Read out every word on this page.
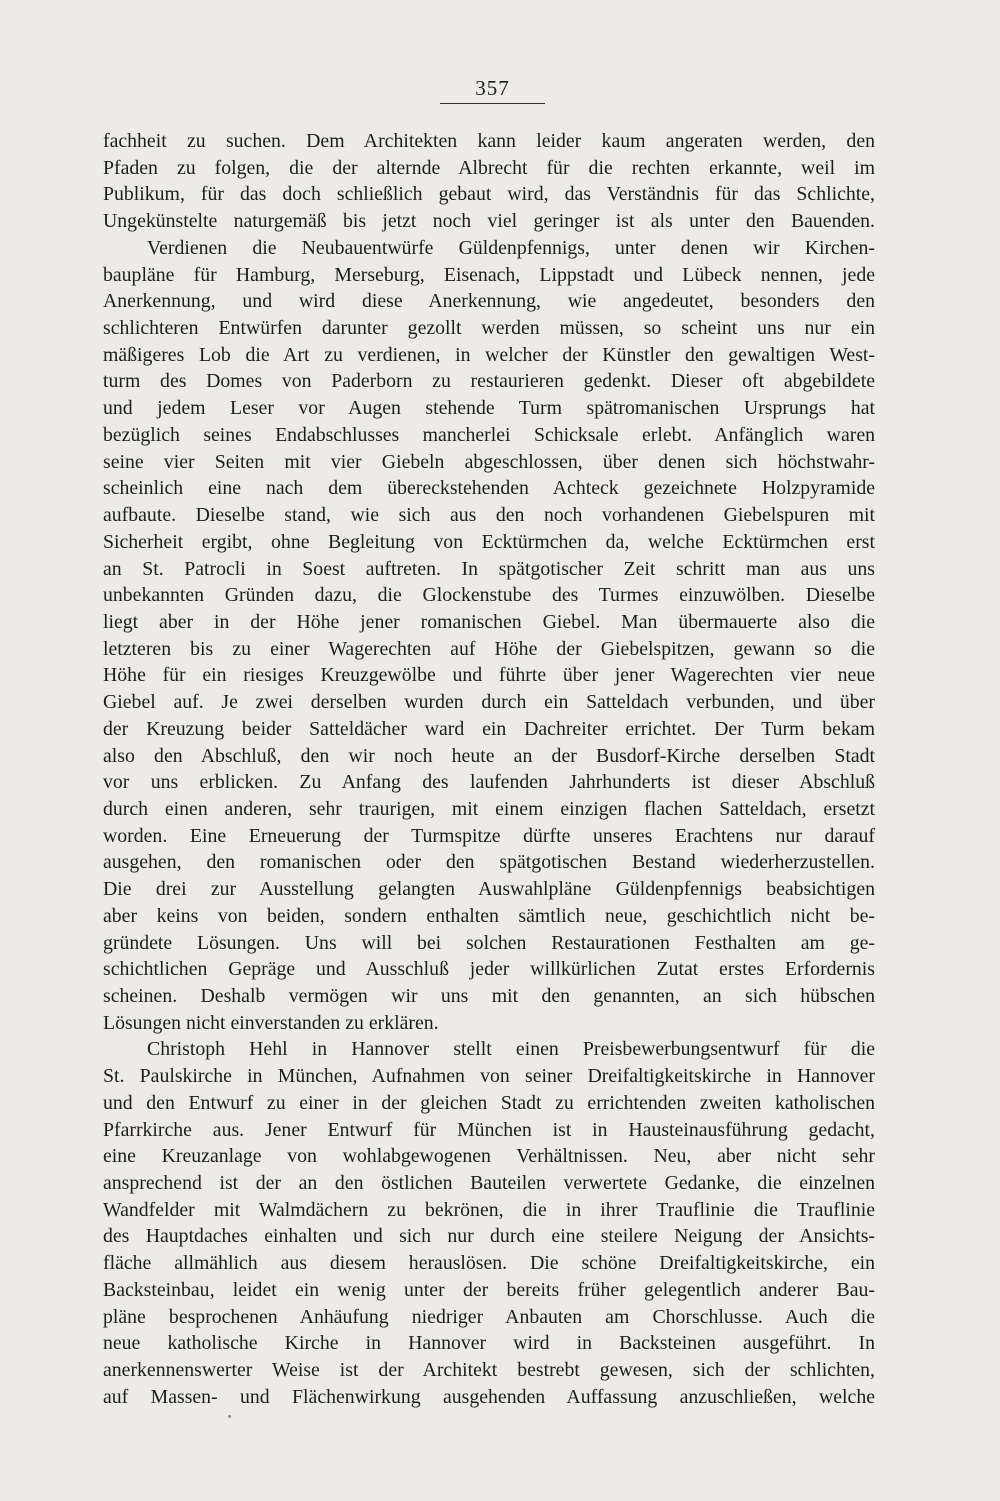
357
fachheit zu suchen. Dem Architekten kann leider kaum angeraten werden, den
Pfaden zu folgen, die der alternde Albrecht für die rechten erkannte, weil im
Publikum, für das doch schließlich gebaut wird, das Verständnis für das Schlichte,
Ungekünstelte naturgemäß bis jetzt noch viel geringer ist als unter den Bauenden.
Verdienen die Neubauentwürfe Güldenpfennigs, unter denen wir Kirchen-
baupläne für Hamburg, Merseburg, Eisenach, Lippstadt und Lübeck nennen, jede
Anerkennung, und wird diese Anerkennung, wie angedeutet, besonders den
schlichteren Entwürfen darunter gezollt werden müssen, so scheint uns nur ein
mäßigeres Lob die Art zu verdienen, in welcher der Künstler den gewaltigen West-
turm des Domes von Paderborn zu restaurieren gedenkt. Dieser oft abgebildete
und jedem Leser vor Augen stehende Turm spätromanischen Ursprungs hat
bezüglich seines Endabschlusses mancherlei Schicksale erlebt. Anfänglich waren
seine vier Seiten mit vier Giebeln abgeschlossen, über denen sich höchstwahr-
scheinlich eine nach dem übereckstehenden Achteck gezeichnete Holzpyramide
aufbaute. Dieselbe stand, wie sich aus den noch vorhandenen Giebelspuren mit
Sicherheit ergibt, ohne Begleitung von Ecktürmchen da, welche Ecktürmchen erst
an St. Patrocli in Soest auftreten. In spätgotischer Zeit schritt man aus uns
unbekannten Gründen dazu, die Glockenstube des Turmes einzuwölben. Dieselbe
liegt aber in der Höhe jener romanischen Giebel. Man übermauerte also die
letzteren bis zu einer Wagerechten auf Höhe der Giebelspitzen, gewann so die
Höhe für ein riesiges Kreuzgewölbe und führte über jener Wagerechten vier neue
Giebel auf. Je zwei derselben wurden durch ein Satteldach verbunden, und über
der Kreuzung beider Satteldächer ward ein Dachreiter errichtet. Der Turm bekam
also den Abschluß, den wir noch heute an der Busdorf-Kirche derselben Stadt
vor uns erblicken. Zu Anfang des laufenden Jahrhunderts ist dieser Abschluß
durch einen anderen, sehr traurigen, mit einem einzigen flachen Satteldach, ersetzt
worden. Eine Erneuerung der Turmspitze dürfte unseres Erachtens nur darauf
ausgehen, den romanischen oder den spätgotischen Bestand wiederherzustellen.
Die drei zur Ausstellung gelangten Auswahlpläne Güldenpfennigs beabsichtigen
aber keins von beiden, sondern enthalten sämtlich neue, geschichtlich nicht be-
gründete Lösungen. Uns will bei solchen Restaurationen Festhalten am ge-
schichtlichen Gepräge und Ausschluß jeder willkürlichen Zutat erstes Erfordernis
scheinen. Deshalb vermögen wir uns mit den genannten, an sich hübschen
Lösungen nicht einverstanden zu erklären.
Christoph Hehl in Hannover stellt einen Preisbewerbungsentwurf für die
St. Paulskirche in München, Aufnahmen von seiner Dreifaltigkeitskirche in Hannover
und den Entwurf zu einer in der gleichen Stadt zu errichtenden zweiten katholischen
Pfarrkirche aus. Jener Entwurf für München ist in Hausteinausführung gedacht,
eine Kreuzanlage von wohlabgewogenen Verhältnissen. Neu, aber nicht sehr
ansprechend ist der an den östlichen Bauteilen verwertete Gedanke, die einzelnen
Wandfelder mit Walmdächern zu bekrönen, die in ihrer Trauflinie die Trauflinie
des Hauptdaches einhalten und sich nur durch eine steilere Neigung der Ansichts-
fläche allmählich aus diesem herauslösen. Die schöne Dreifaltigkeitskirche, ein
Backsteinbau, leidet ein wenig unter der bereits früher gelegentlich anderer Bau-
pläne besprochenen Anhäufung niedriger Anbauten am Chorschlusse. Auch die
neue katholische Kirche in Hannover wird in Backsteinen ausgeführt. In
anerkennenswerter Weise ist der Architekt bestrebt gewesen, sich der schlichten,
auf Massen- und Flächenwirkung ausgehenden Auffassung anzuschließen, welche
